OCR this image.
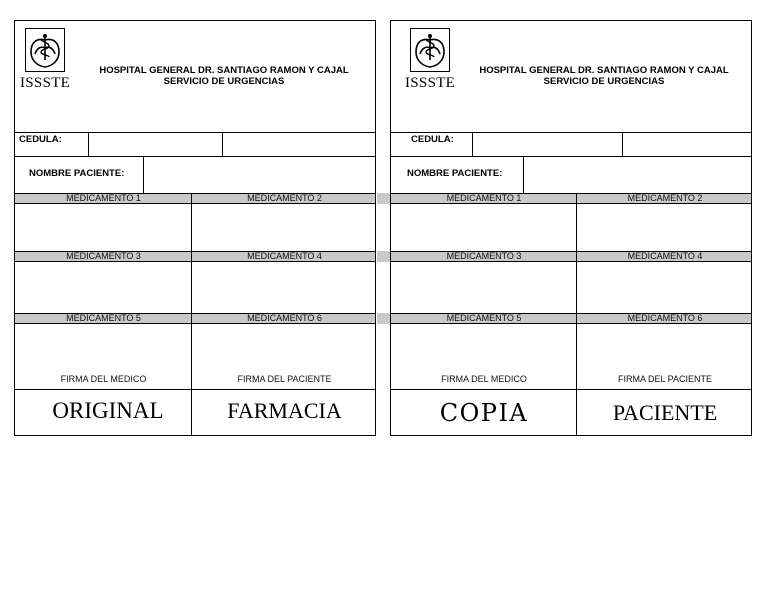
ISSSTE
HOSPITAL GENERAL DR. SANTIAGO RAMON Y CAJAL
SERVICIO DE URGENCIAS
CEDULA:
NOMBRE PACIENTE:
MEDICAMENTO 1	MEDICAMENTO 2
MEDICAMENTO 3	MEDICAMENTO 4
MEDICAMENTO 5	MEDICAMENTO 6
FIRMA DEL MEDICO	FIRMA DEL PACIENTE
ORIGINAL	FARMACIA
ISSSTE
HOSPITAL GENERAL DR. SANTIAGO RAMON Y CAJAL
SERVICIO DE URGENCIAS
CEDULA:
NOMBRE PACIENTE:
MEDICAMENTO 1	MEDICAMENTO 2
MEDICAMENTO 3	MEDICAMENTO 4
MEDICAMENTO 5	MEDICAMENTO 6
FIRMA DEL MEDICO	FIRMA DEL PACIENTE
COPIA	PACIENTE
